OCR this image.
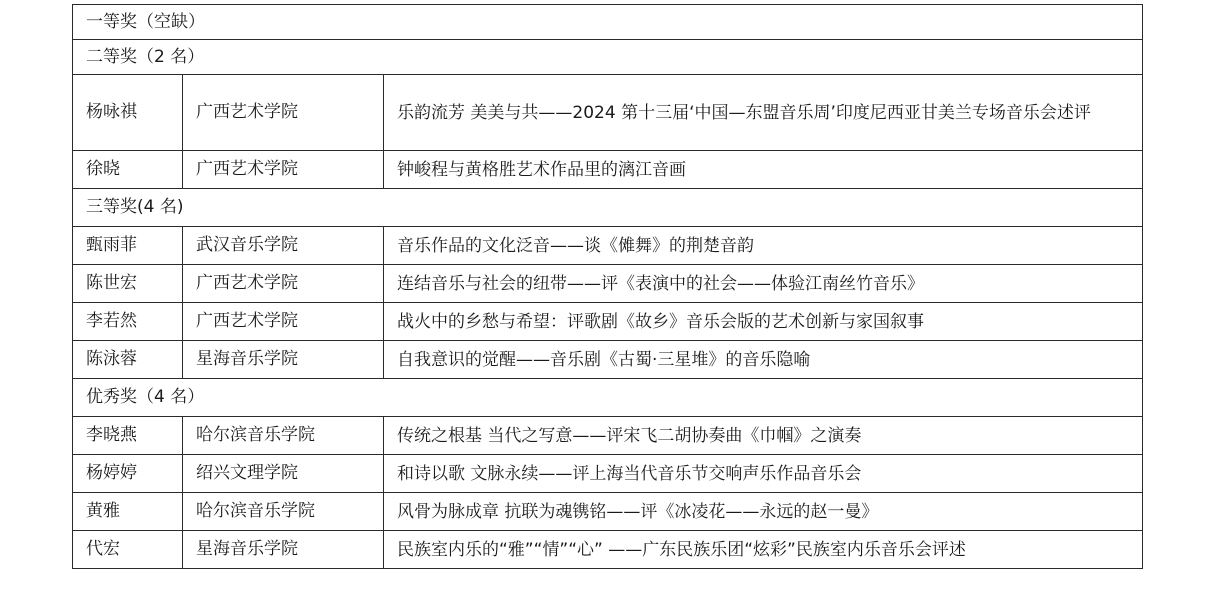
一等奖（空缺）		
二等奖（2 名）		
杨咏祺	广西艺术学院	乐韵流芳 美美与共——2024 第十三届‘中国—东盟音乐周’印度尼西亚甘美兰专场音乐会述评
徐晓	广西艺术学院	钟峻程与黄格胜艺术作品里的漓江音画
三等奖(4 名)		
甄雨菲	武汉音乐学院	音乐作品的文化泛音——谈《傩舞》的荆楚音韵
陈世宏	广西艺术学院	连结音乐与社会的纽带——评《表演中的社会——体验江南丝竹音乐》
李若然	广西艺术学院	战火中的乡愁与希望：评歌剧《故乡》音乐会版的艺术创新与家国叙事
陈泳蓉	星海音乐学院	自我意识的觉醒——音乐剧《古蜀·三星堆》的音乐隐喻
优秀奖（4 名）		
李晓燕	哈尔滨音乐学院	传统之根基 当代之写意——评宋飞二胡协奏曲《巾帼》之演奏
杨婷婷	绍兴文理学院	和诗以歌 文脉永续——评上海当代音乐节交响声乐作品音乐会
黄雅	哈尔滨音乐学院	风骨为脉成章 抗联为魂镌铭——评《冰凌花——永远的赵一曼》
代宏	星海音乐学院	民族室内乐的“雅”“情”“心” ——广东民族乐团“炫彩”民族室内乐音乐会评述
